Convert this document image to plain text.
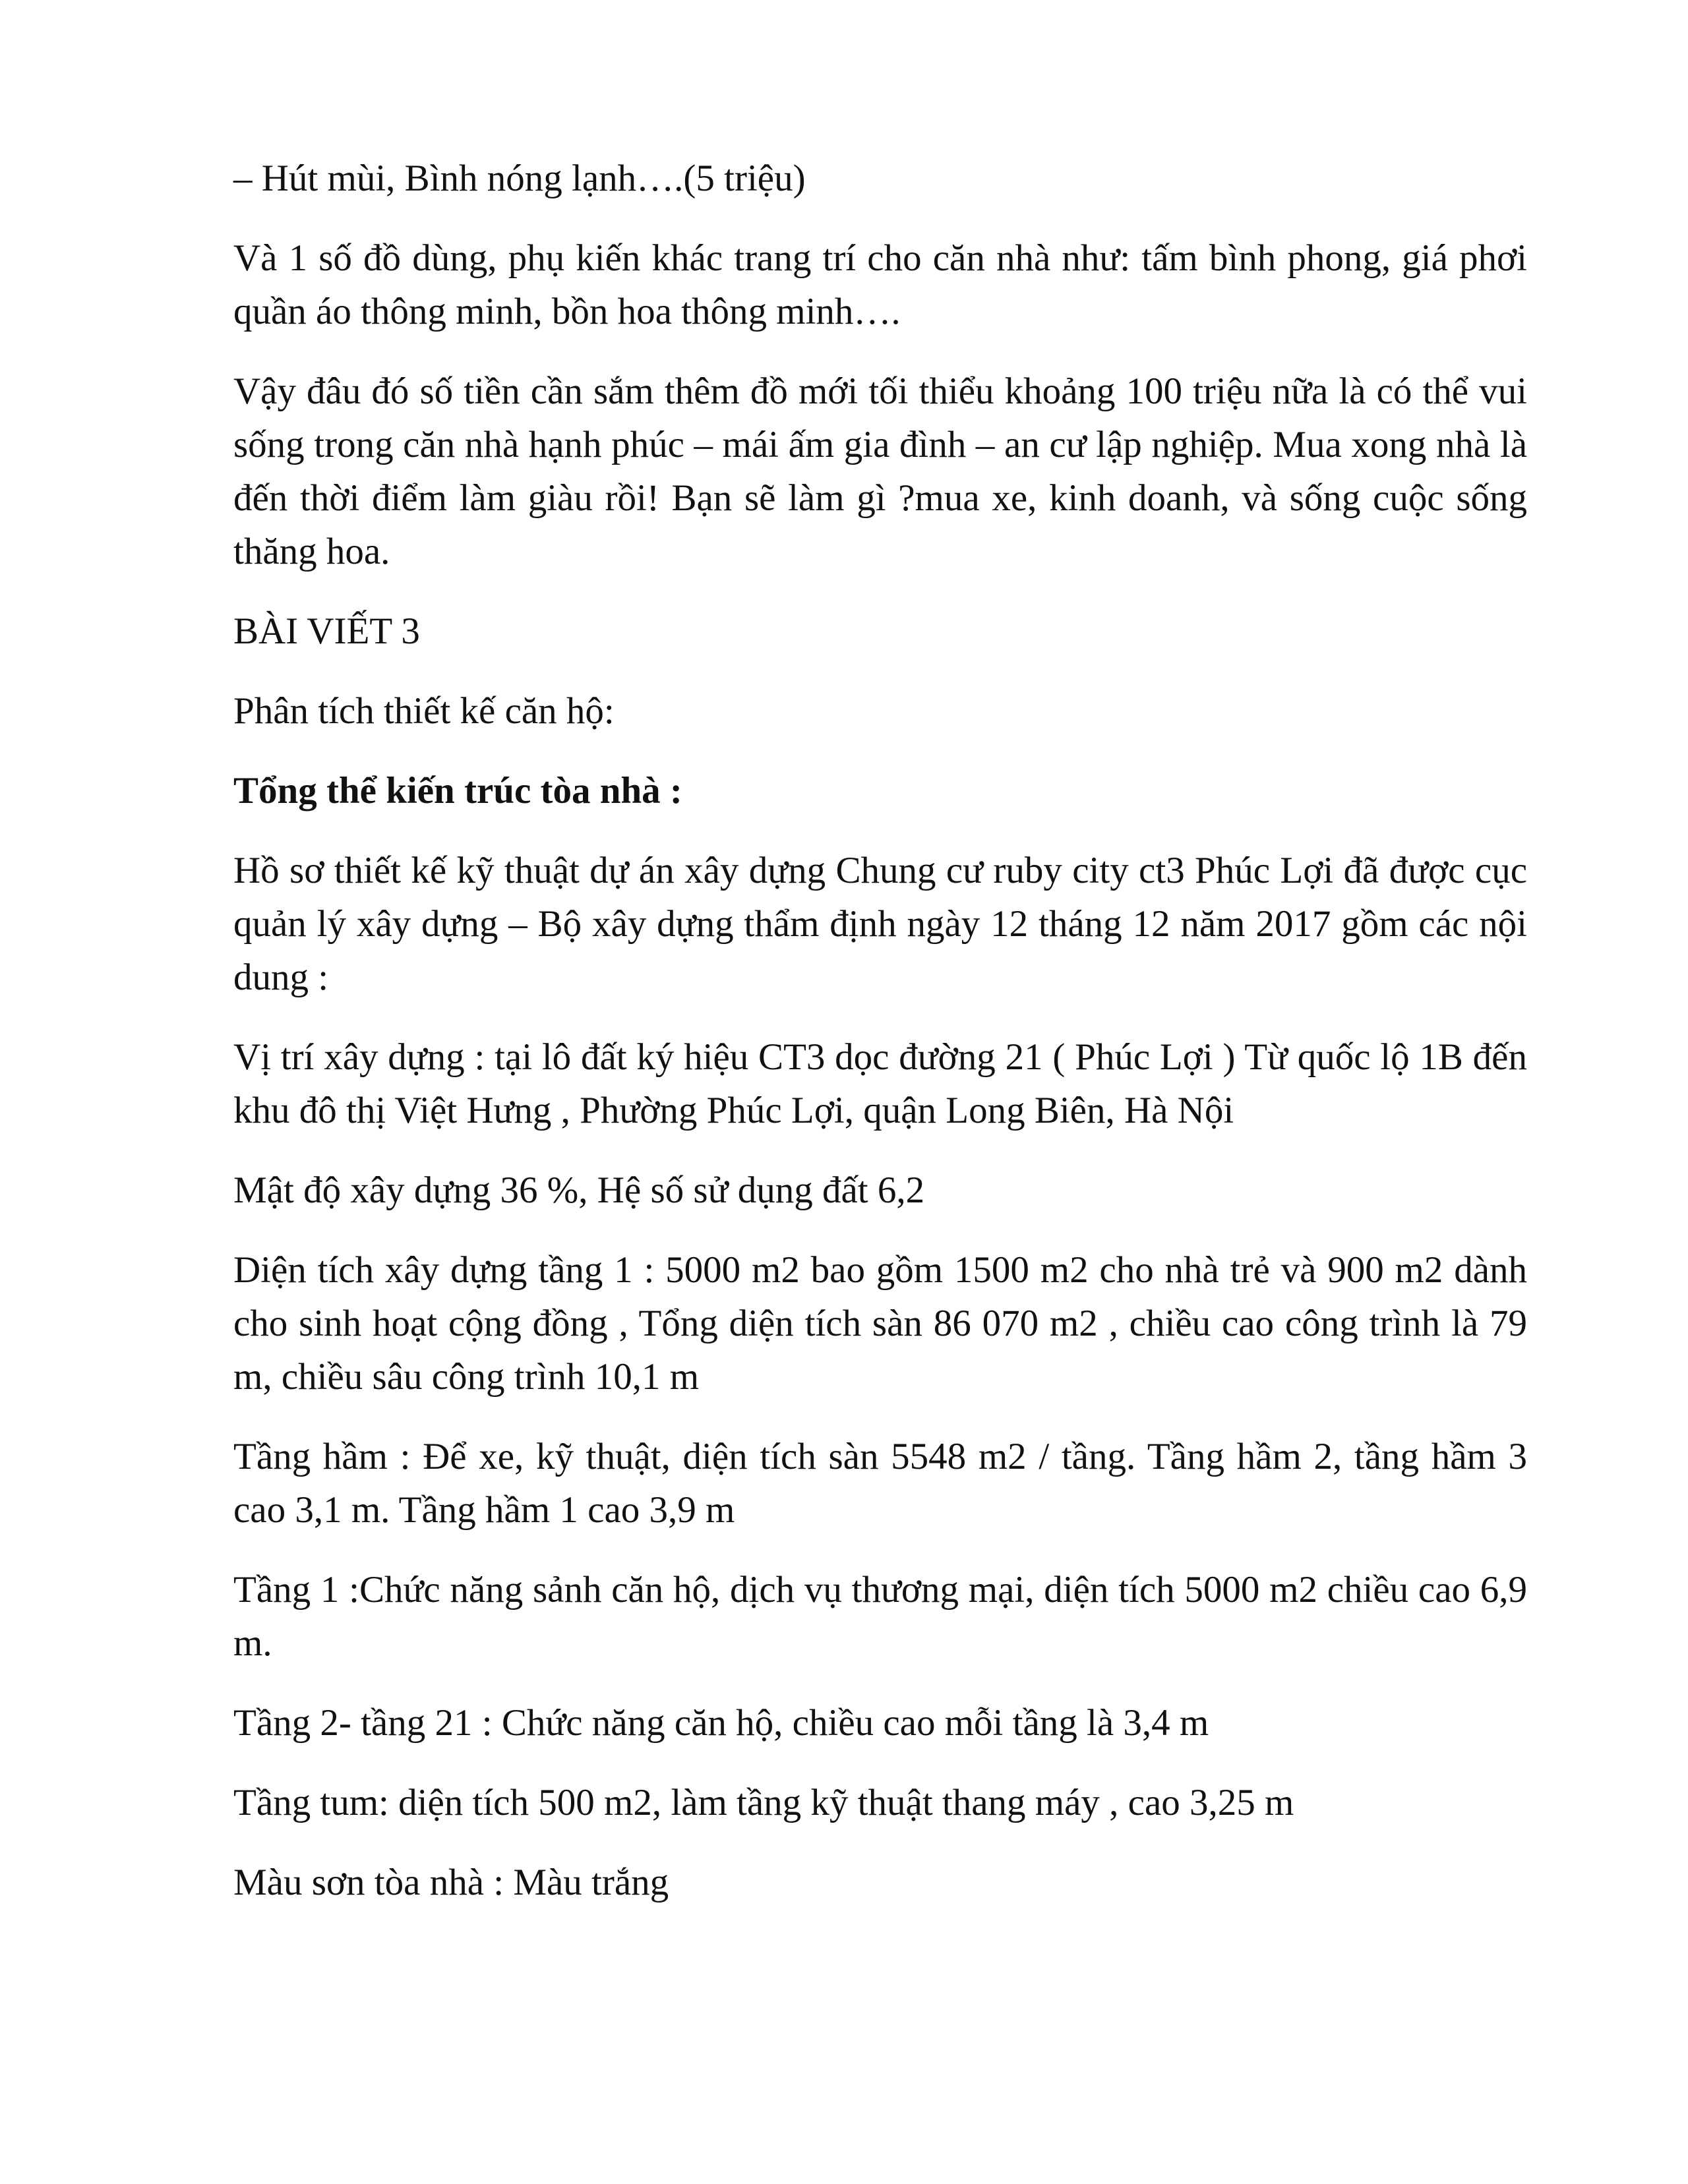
– Hút mùi, Bình nóng lạnh….(5 triệu)

Và 1 số đồ dùng, phụ kiến khác trang trí cho căn nhà như: tấm bình phong, giá phơi quần áo thông minh, bồn hoa thông minh….

Vậy đâu đó số tiền cần sắm thêm đồ mới tối thiểu khoảng 100 triệu nữa là có thể vui sống trong căn nhà hạnh phúc – mái ấm gia đình – an cư lập nghiệp. Mua xong nhà là đến thời điểm làm giàu rồi! Bạn sẽ làm gì ?mua xe, kinh doanh, và sống cuộc sống thăng hoa.

BÀI VIẾT 3

Phân tích thiết kế căn hộ:

Tổng thể kiến trúc tòa nhà :

Hồ sơ thiết kế kỹ thuật dự án xây dựng Chung cư ruby city ct3 Phúc Lợi đã được cục quản lý xây dựng – Bộ xây dựng thẩm định ngày 12 tháng 12 năm 2017 gồm các nội dung :

Vị trí xây dựng : tại lô đất ký hiệu CT3 dọc đường 21 ( Phúc Lợi ) Từ quốc lộ 1B đến khu đô thị Việt Hưng , Phường Phúc Lợi, quận Long Biên, Hà Nội

Mật độ xây dựng 36 %, Hệ số sử dụng đất 6,2

Diện tích xây dựng tầng 1 : 5000 m2 bao gồm 1500 m2 cho nhà trẻ và 900 m2 dành cho sinh hoạt cộng đồng , Tổng diện tích sàn 86 070 m2 , chiều cao công trình là 79 m, chiều sâu công trình 10,1 m

Tầng hầm : Để xe, kỹ thuật, diện tích sàn 5548 m2 / tầng. Tầng hầm 2, tầng hầm 3 cao 3,1 m. Tầng hầm 1 cao 3,9 m

Tầng 1 :Chức năng sảnh căn hộ, dịch vụ thương mại, diện tích 5000 m2 chiều cao 6,9 m.

Tầng 2- tầng 21 : Chức năng căn hộ, chiều cao mỗi tầng là 3,4 m

Tầng tum: diện tích 500 m2, làm tầng kỹ thuật thang máy , cao 3,25 m

Màu sơn tòa nhà : Màu trắng
